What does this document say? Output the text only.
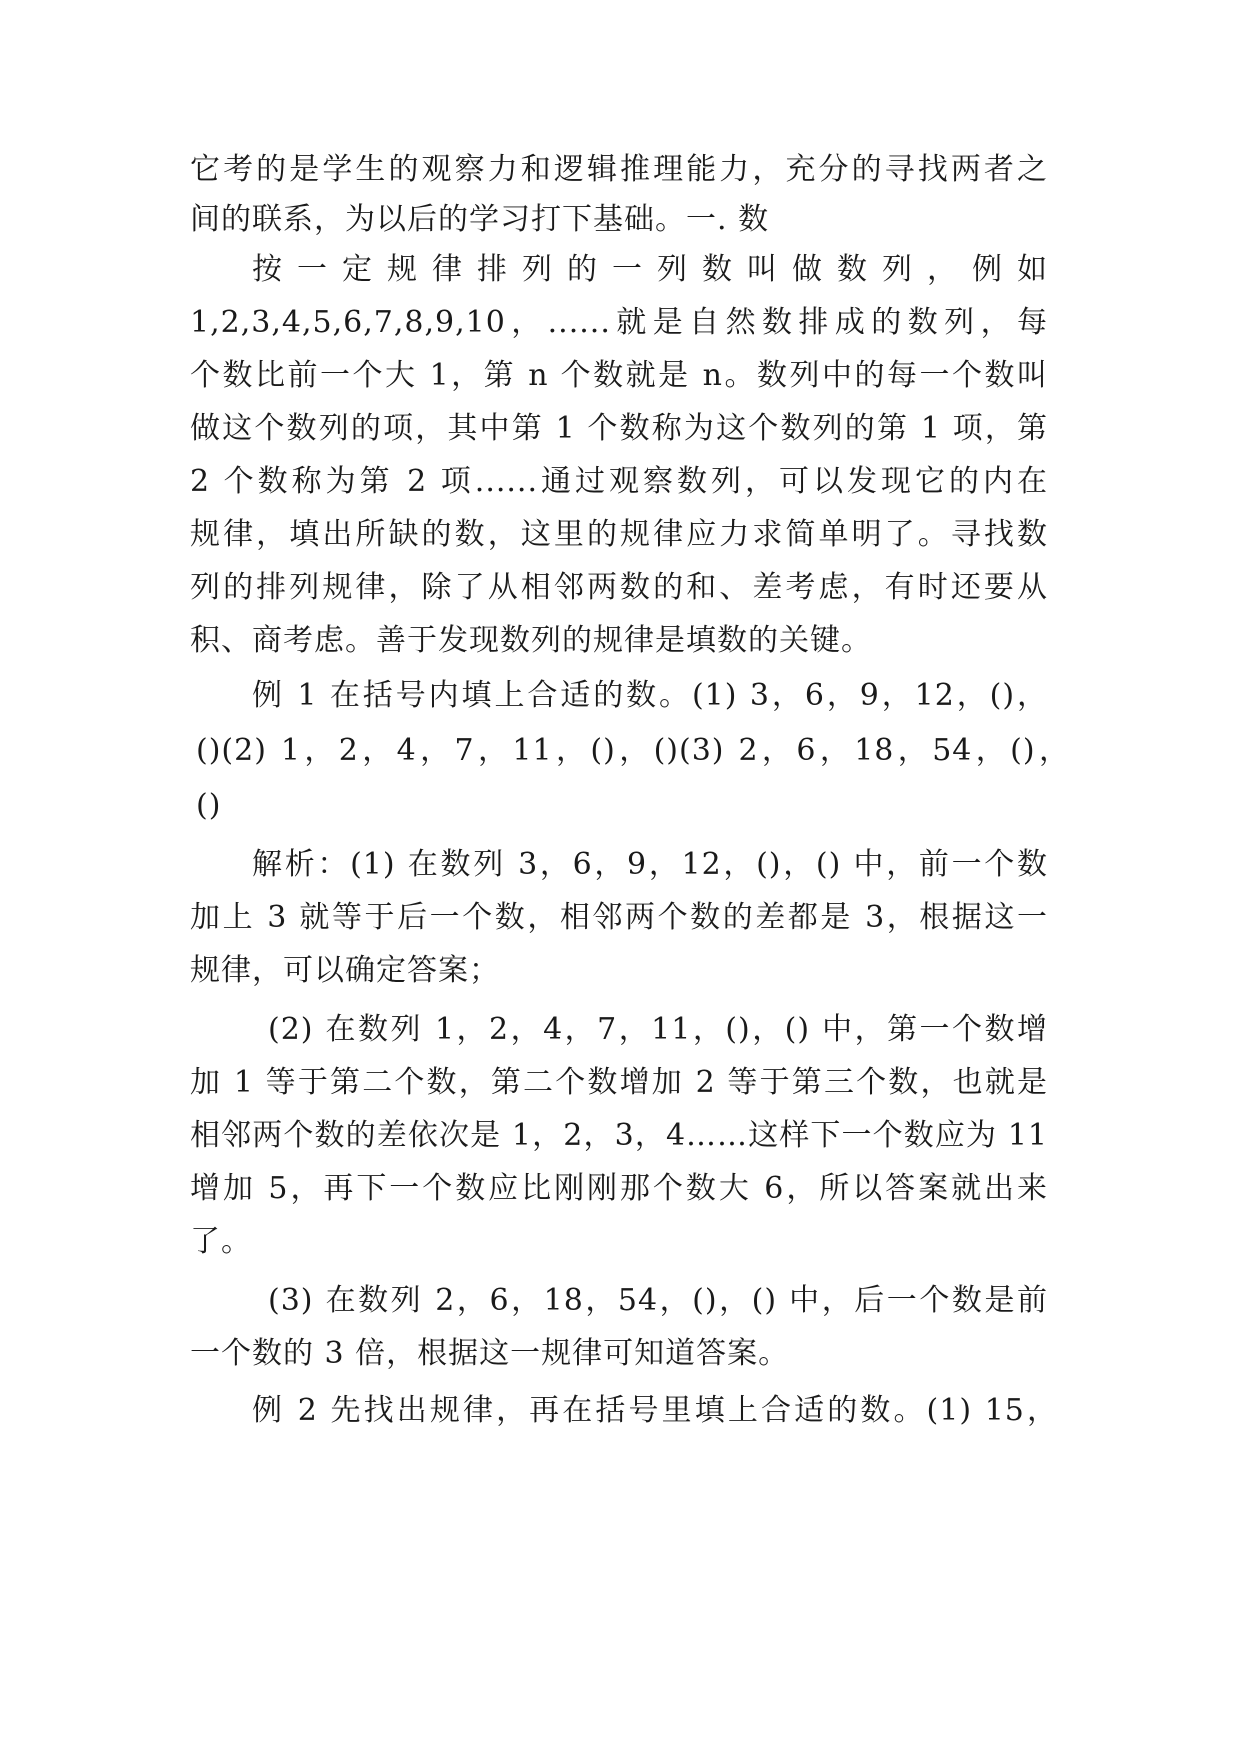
它考的是学生的观察力和逻辑推理能力，充分的寻找两者之
间的联系，为以后的学习打下基础。一. 数
按 一 定 规 律 排 列 的 一 列 数 叫 做 数 列 ， 例 如
1,2,3,4,5,6,7,8,9,10，......就是自然数排成的数列，每
个数比前一个大 1，第 n 个数就是 n。数列中的每一个数叫
做这个数列的项，其中第 1 个数称为这个数列的第 1 项，第
2 个数称为第 2 项......通过观察数列，可以发现它的内在
规律，填出所缺的数，这里的规律应力求简单明了。寻找数
列的排列规律，除了从相邻两数的和、差考虑，有时还要从
积、商考虑。善于发现数列的规律是填数的关键。
例 1 在括号内填上合适的数。(1) 3，6，9，12，()，
()(2) 1，2，4，7，11，()，()(3) 2，6，18，54，()，
()
解析：(1) 在数列 3，6，9，12，()，() 中，前一个数
加上 3 就等于后一个数，相邻两个数的差都是 3，根据这一
规律，可以确定答案；
(2) 在数列 1，2，4，7，11，()，() 中，第一个数增
加 1 等于第二个数，第二个数增加 2 等于第三个数，也就是
相邻两个数的差依次是 1，2，3，4……这样下一个数应为 11
增加 5，再下一个数应比刚刚那个数大 6，所以答案就出来
了。
(3) 在数列 2，6，18，54，()，() 中，后一个数是前
一个数的 3 倍，根据这一规律可知道答案。
例 2 先找出规律，再在括号里填上合适的数。(1) 15，
